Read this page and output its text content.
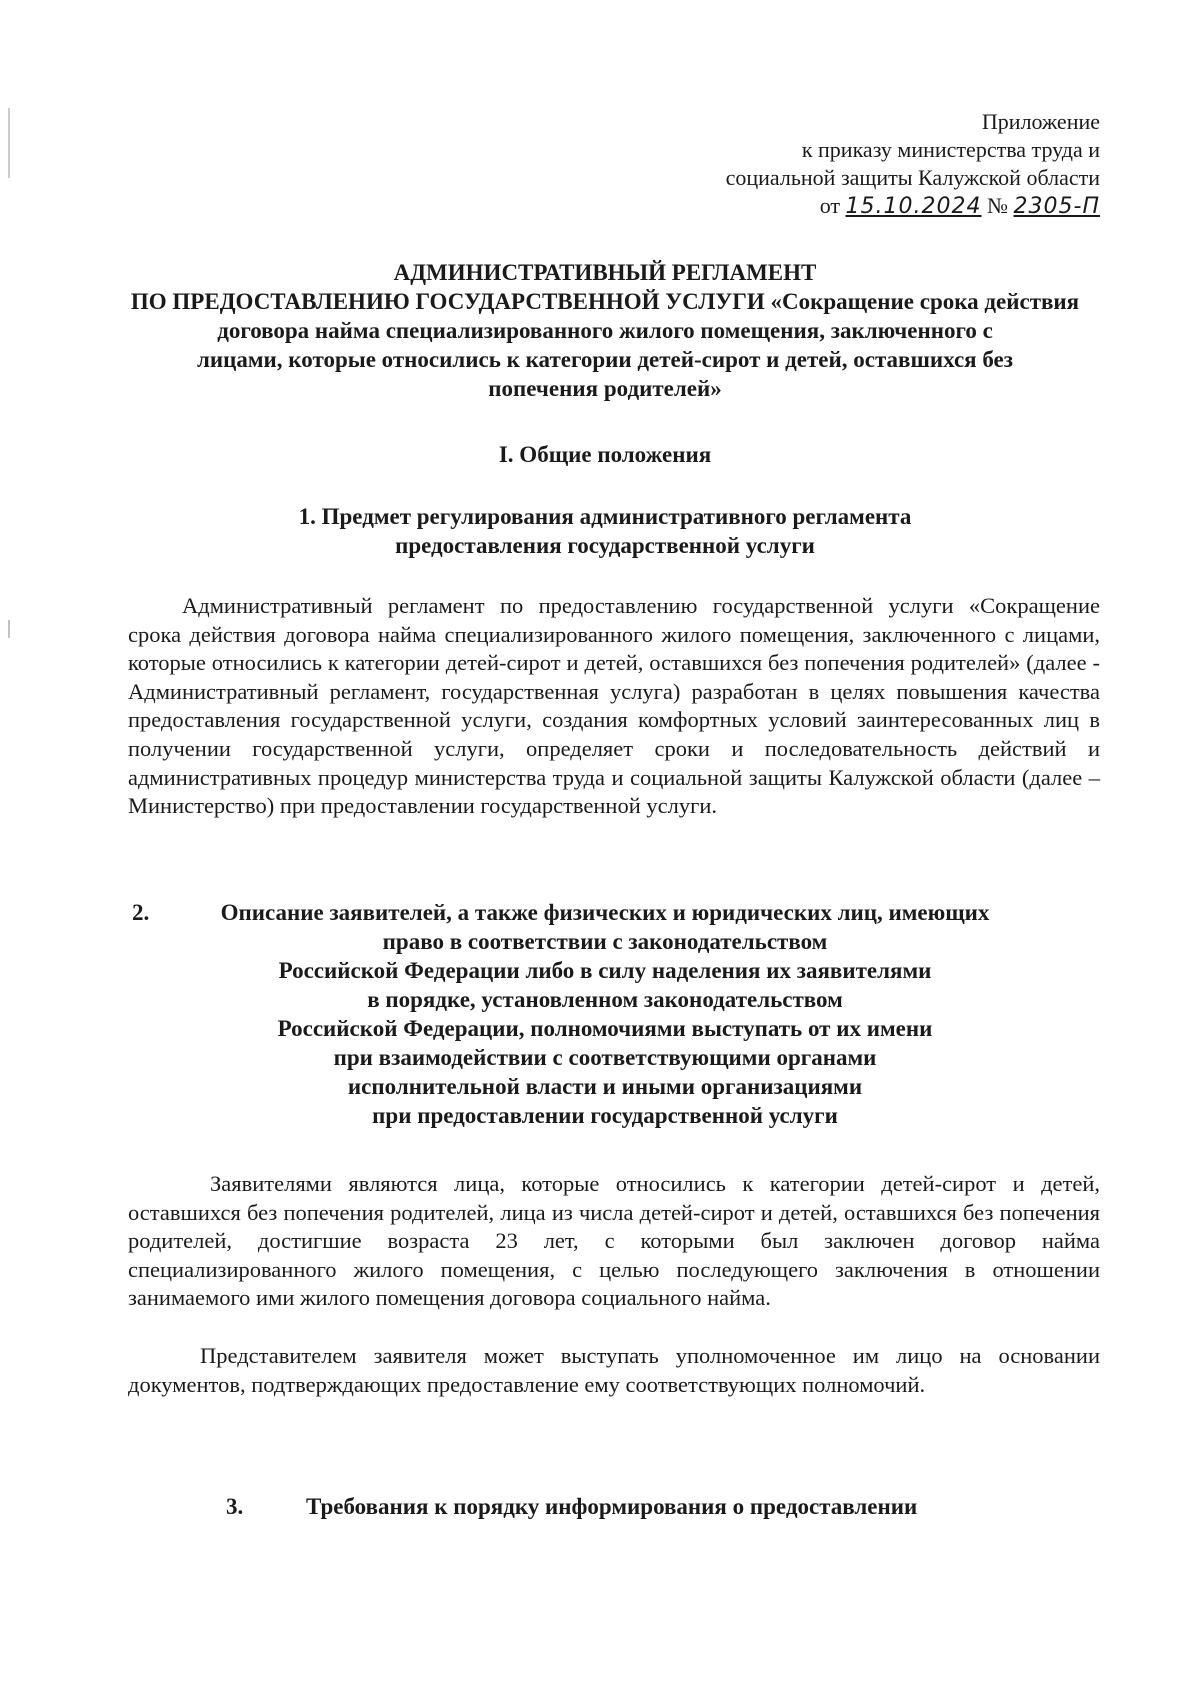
Приложение
к приказу министерства труда и
социальной защиты Калужской области
от 15.10.2024 № 2305-П
АДМИНИСТРАТИВНЫЙ РЕГЛАМЕНТ
ПО ПРЕДОСТАВЛЕНИЮ ГОСУДАРСТВЕННОЙ УСЛУГИ «Сокращение срока действия
договора найма специализированного жилого помещения, заключенного с
лицами, которые относились к категории детей-сирот и детей, оставшихся без
попечения родителей»
I. Общие положения
1. Предмет регулирования административного регламента
предоставления государственной услуги

Административный регламент по предоставлению государственной услуги «Сокращение срока действия договора найма специализированного жилого помещения, заключенного с лицами, которые относились к категории детей-сирот и детей, оставшихся без попечения родителей» (далее - Административный регламент, государственная услуга) разработан в целях повышения качества предоставления государственной услуги, создания комфортных условий заинтересованных лиц в получении государственной услуги, определяет сроки и последовательность действий и административных процедур министерства труда и социальной защиты Калужской области (далее – Министерство) при предоставлении государственной услуги.

2.	Описание заявителей, а также физических и юридических лиц, имеющих
право в соответствии с законодательством
Российской Федерации либо в силу наделения их заявителями
в порядке, установленном законодательством
Российской Федерации, полномочиями выступать от их имени
при взаимодействии с соответствующими органами
исполнительной власти и иными организациями
при предоставлении государственной услуги

Заявителями являются лица, которые относились к категории детей-сирот и детей, оставшихся без попечения родителей, лица из числа детей-сирот и детей, оставшихся без попечения родителей, достигшие возраста 23 лет, с которыми был заключен договор найма специализированного жилого помещения, с целью последующего заключения в отношении занимаемого ими жилого помещения договора социального найма.

Представителем заявителя может выступать уполномоченное им лицо на основании документов, подтверждающих предоставление ему соответствующих полномочий.

3.	Требования к порядку информирования о предоставлении
